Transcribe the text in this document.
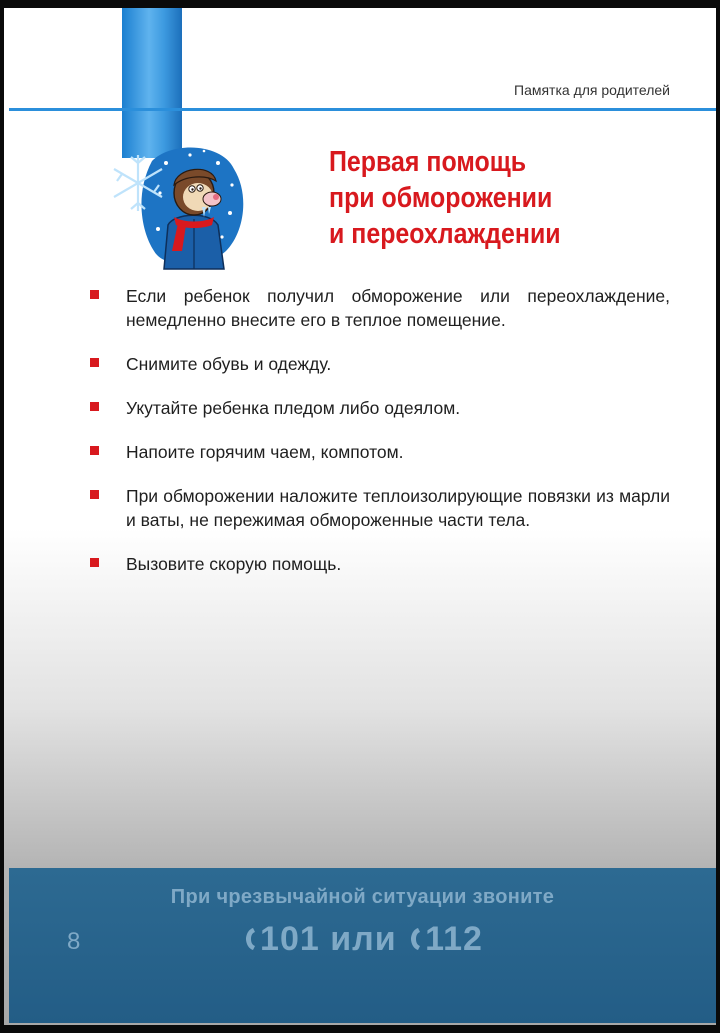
Памятка для родителей
Первая помощь
при обморожении
и переохлаждении
Если ребенок получил обморожение или переохлаждение, немедленно внесите его в теплое помещение.
Снимите обувь и одежду.
Укутайте ребенка пледом либо одеялом.
Напоите горячим чаем, компотом.
При обморожении наложите теплоизолирующие повязки из марли и ваты, не пережимая обмороженные части тела.
Вызовите скорую помощь.
8
При чрезвычайной ситуации звоните
101 или 112
